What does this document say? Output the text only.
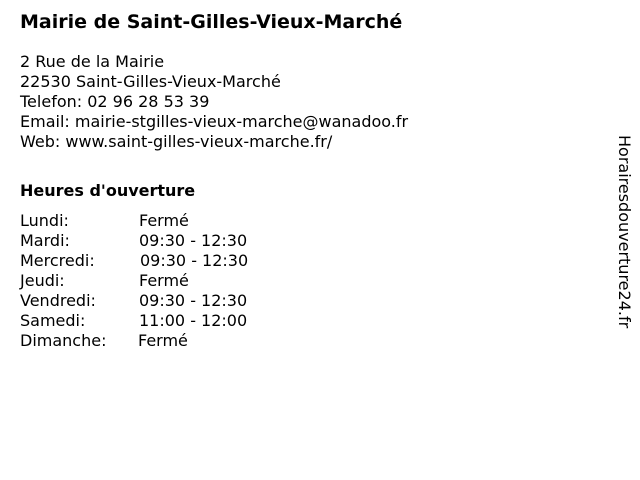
Mairie de Saint-Gilles-Vieux-Marché
2 Rue de la Mairie
22530 Saint-Gilles-Vieux-Marché
Telefon: 02 96 28 53 39
Email: mairie-stgilles-vieux-marche@wanadoo.fr
Web: www.saint-gilles-vieux-marche.fr/
Heures d'ouverture
Lundi:	Fermé
Mardi:	09:30 - 12:30
Mercredi:	09:30 - 12:30
Jeudi:	Fermé
Vendredi:	09:30 - 12:30
Samedi:	11:00 - 12:00
Dimanche: Fermé
Horairesdouverture24.fr
